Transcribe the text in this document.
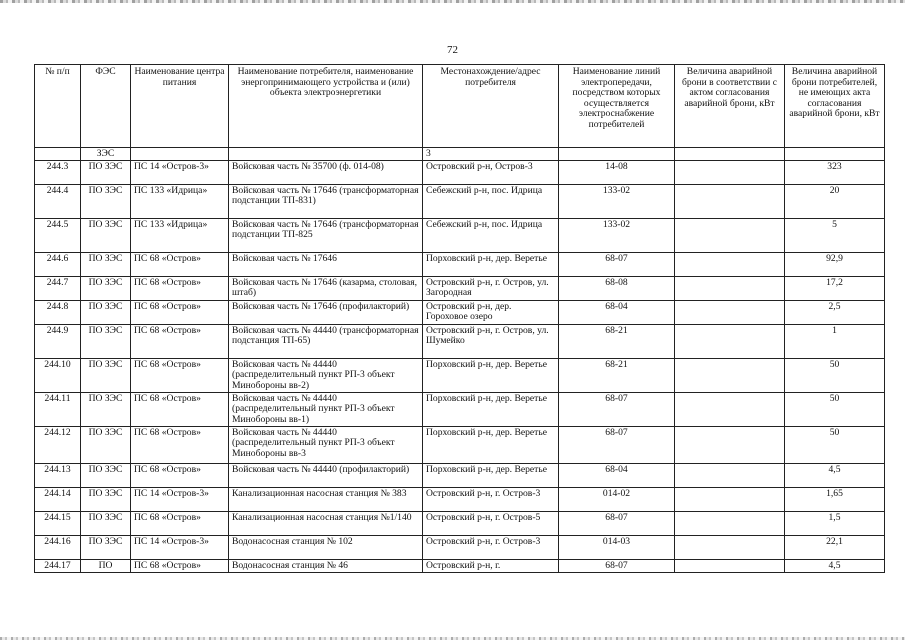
72
№ п/п	ФЭС	Наименование центра питания	Наименование потребителя, наименование энергопринимающего устройства и (или) объекта электроэнергетики	Местонахождение/адрес потребителя	Наименование линий электропередачи, посредством которых осуществляется электроснабжение потребителей	Величина аварийной брони в соответствии с актом согласования аварийной брони, кВт	Величина аварийной брони потребителей, не имеющих акта согласования аварийной брони, кВт
	ЗЭС			3			
244.3	ПО ЗЭС	ПС 14 «Остров-3»	Войсковая часть № 35700 (ф. 014-08)	Островский р-н, Остров-3	14-08		323
244.4	ПО ЗЭС	ПС 133 «Идрица»	Войсковая часть № 17646 (трансформаторная подстанции ТП-831)	Себежский р-н, пос. Идрица	133-02		20
244.5	ПО ЗЭС	ПС 133 «Идрица»	Войсковая часть № 17646 (трансформаторная подстанции ТП-825	Себежский р-н, пос. Идрица	133-02		5
244.6	ПО ЗЭС	ПС 68 «Остров»	Войсковая часть № 17646	Порховский р-н, дер. Веретье	68-07		92,9
244.7	ПО ЗЭС	ПС 68 «Остров»	Войсковая часть № 17646 (казарма, столовая, штаб)	Островский р-н, г. Остров, ул. Загородная	68-08		17,2
244.8	ПО ЗЭС	ПС 68 «Остров»	Войсковая часть № 17646 (профилакторий)	Островский р-н, дер. Гороховое озеро	68-04		2,5
244.9	ПО ЗЭС	ПС 68 «Остров»	Войсковая часть № 44440 (трансформаторная подстанция ТП-65)	Островский р-н, г. Остров, ул. Шумейко	68-21		1
244.10	ПО ЗЭС	ПС 68 «Остров»	Войсковая часть № 44440 (распределительный пункт РП-3 объект Минобороны вв-2)	Порховский р-н, дер. Веретье	68-21		50
244.11	ПО ЗЭС	ПС 68 «Остров»	Войсковая часть № 44440 (распределительный пункт РП-3 объект Минобороны вв-1)	Порховский р-н, дер. Веретье	68-07		50
244.12	ПО ЗЭС	ПС 68 «Остров»	Войсковая часть № 44440 (распределительный пункт РП-3 объект Минобороны вв-3	Порховский р-н, дер. Веретье	68-07		50
244.13	ПО ЗЭС	ПС 68 «Остров»	Войсковая часть № 44440 (профилакторий)	Порховский р-н, дер. Веретье	68-04		4,5
244.14	ПО ЗЭС	ПС 14 «Остров-3»	Канализационная насосная станция № 383	Островский р-н, г. Остров-3	014-02		1,65
244.15	ПО ЗЭС	ПС 68 «Остров»	Канализационная насосная станция №1/140	Островский р-н, г. Остров-5	68-07		1,5
244.16	ПО ЗЭС	ПС 14 «Остров-3»	Водонасосная станция № 102	Островский р-н, г. Остров-3	014-03		22,1
244.17	ПО	ПС 68 «Остров»	Водонасосная станция № 46	Островский р-н, г.	68-07		4,5
